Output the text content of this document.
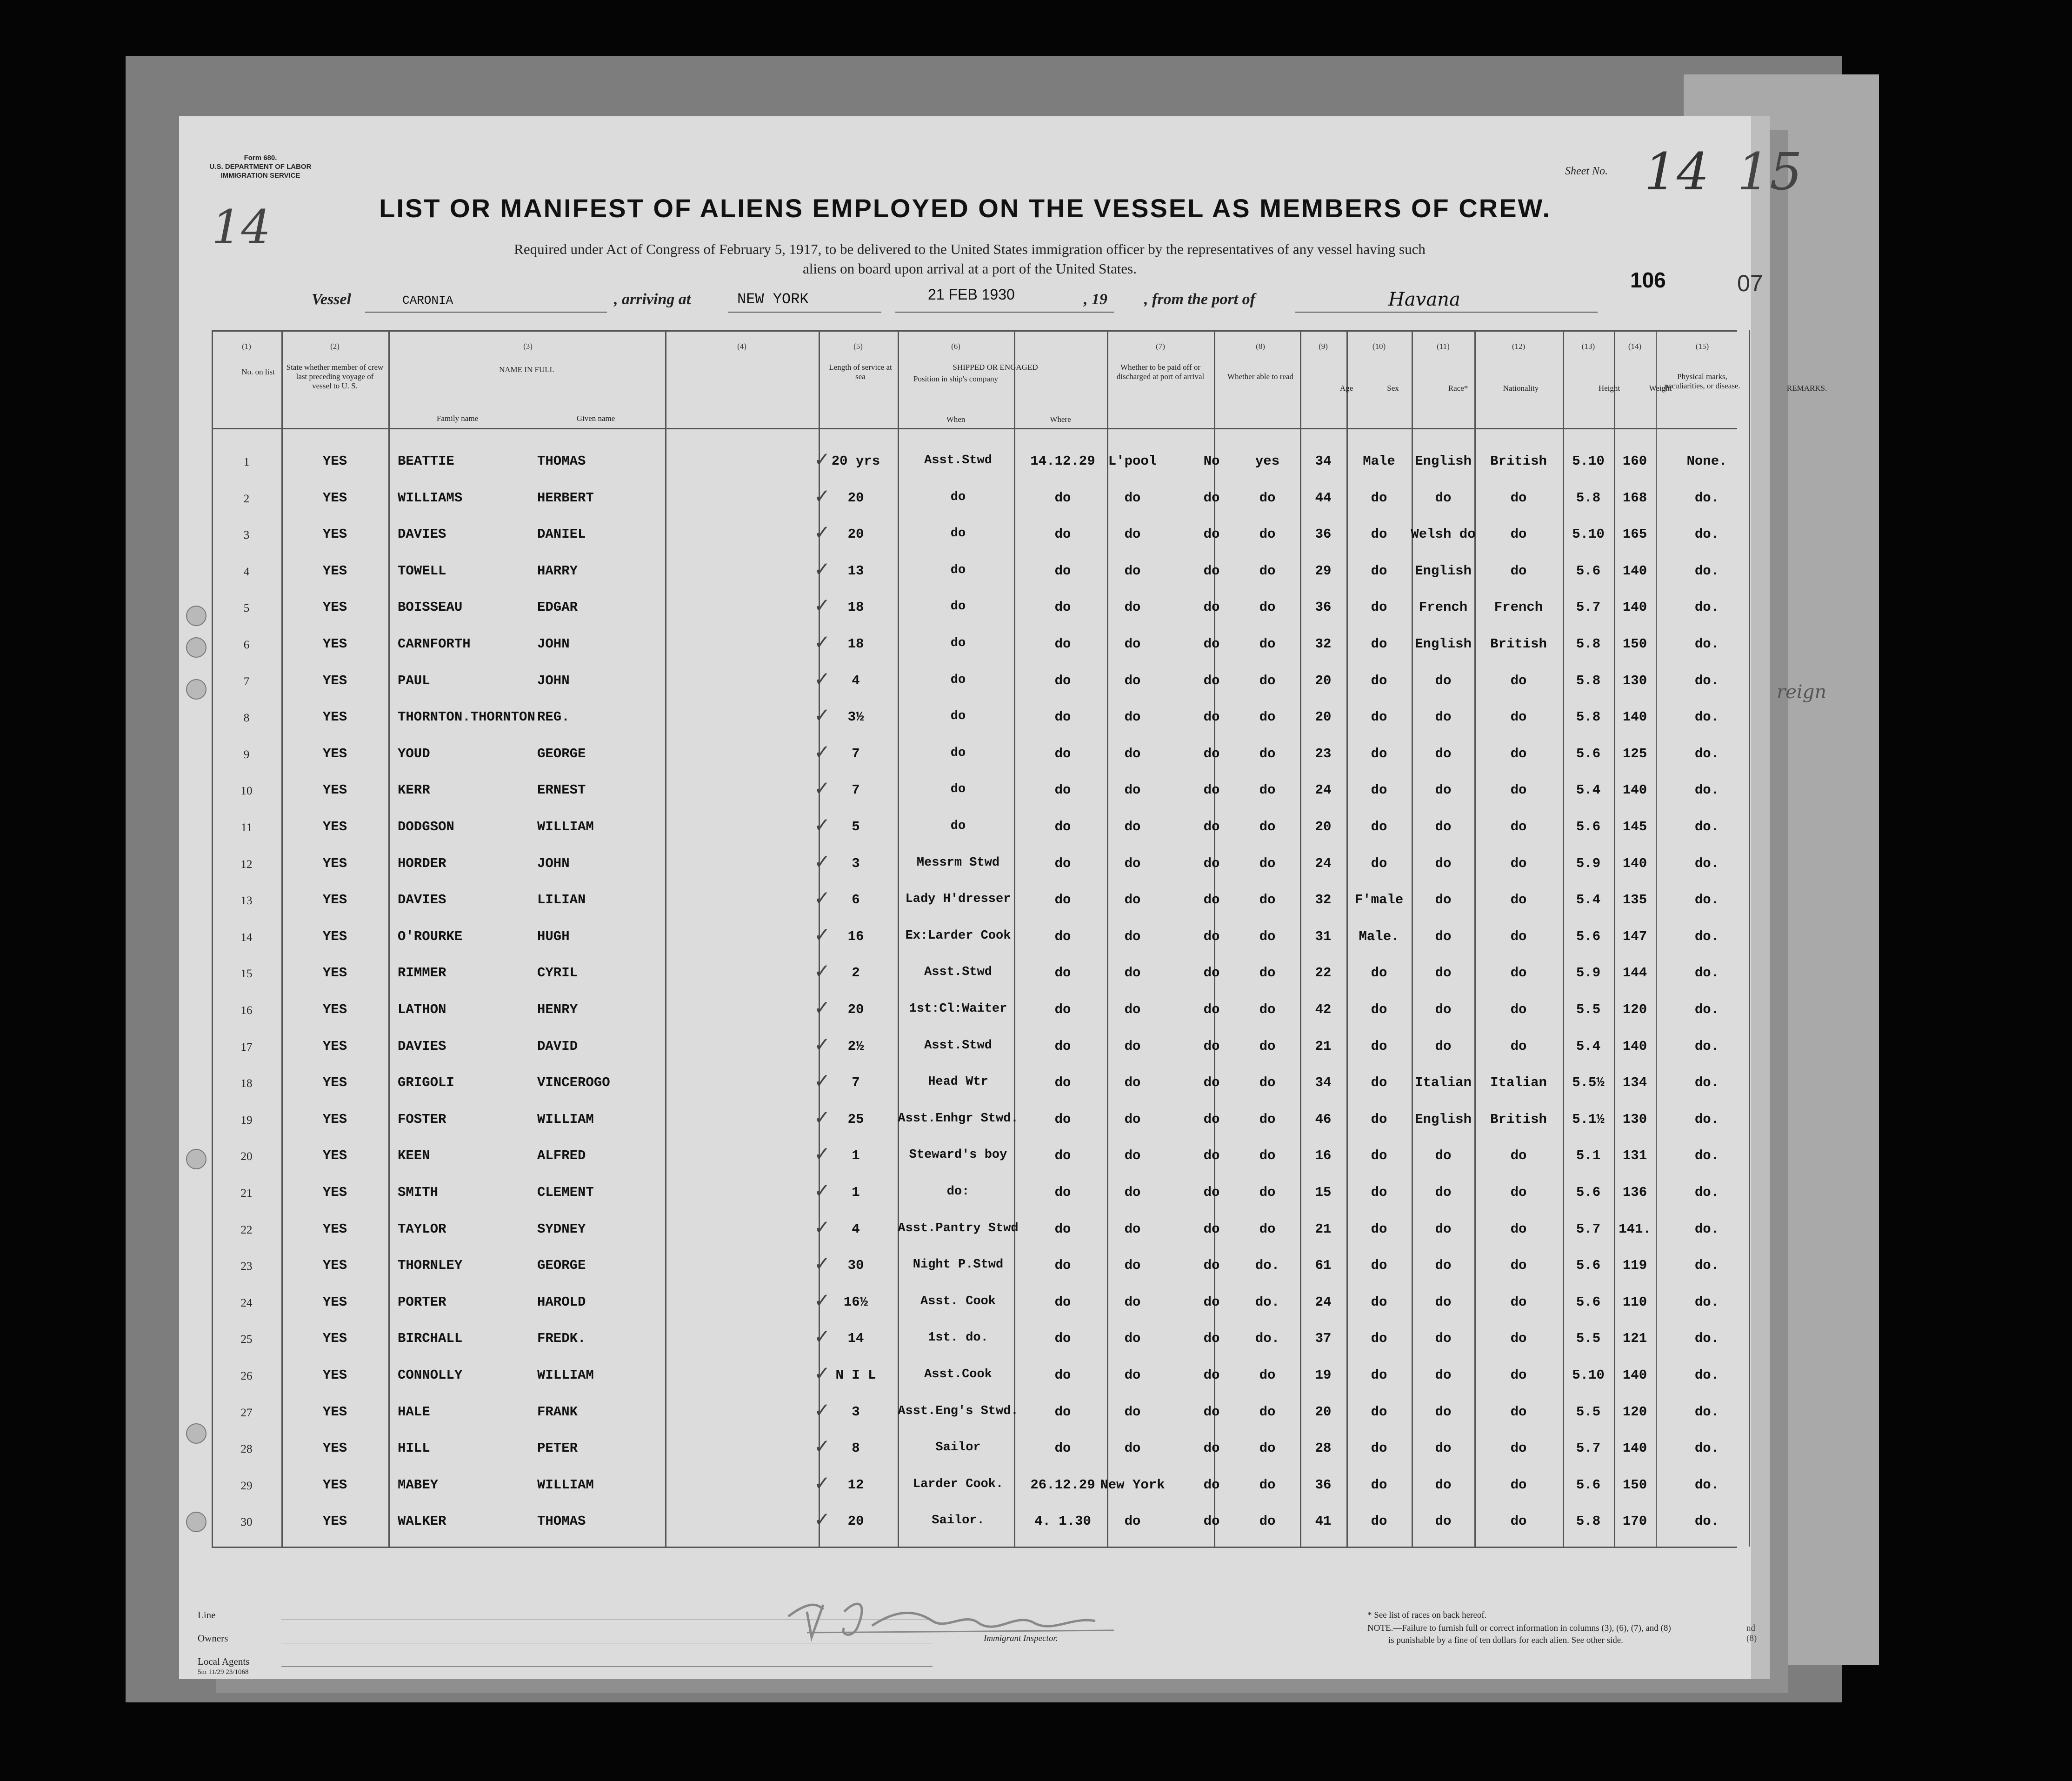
Form 680.
U.S. DEPARTMENT OF LABOR
IMMIGRATION SERVICE
14
Sheet No. 14 15
LIST OR MANIFEST OF ALIENS EMPLOYED ON THE VESSEL AS MEMBERS OF CREW.
Required under Act of Congress of February 5, 1917, to be delivered to the United States immigration officer by the representatives of any vessel having such
aliens on board upon arrival at a port of the United States.	106	07
Vessel	CARONIA	, arriving at	NEW YORK	21 FEB 1930	, 19 , from the port of	Havana
(1)	(2)	(3)	(4)	(5)	(6)	(7)	(8)	(9)	(10)	(11)	(12)	(13)	(14)	(15)
No. on list
State whether member of crew last preceding voyage of vessel to U. S.
NAME IN FULL
Family name	Given name
Length of service at sea	Position in ship's company
SHIPPED OR ENGAGED
When	Where
Whether to be paid off or discharged at port of arrival	Whether able to read
Age	Sex	Race*	Nationality	Height	Weight
Physical marks, peculiarities, or disease.	REMARKS.
1	YES	BEATTIE	THOMAS	20 yrs	Asst.Stwd	14.12.29 L'pool	No	yes	34	Male	English	British	5.10	160	None.
✓
2	YES	WILLIAMS	HERBERT	20	do	do	do	do	do	44	do	do	do	5.8	168	do.
✓
3	YES	DAVIES	DANIEL	20	do	do	do	do	do	36	do	Welsh do	do	5.10	165	do.
✓
4	YES	TOWELL	HARRY	13	do	do	do	do	do	29	do	English	do	5.6	140	do.
✓
5	YES	BOISSEAU	EDGAR	18	do	do	do	do	do	36	do	French	French	5.7	140	do.
✓
6	YES	CARNFORTH	JOHN	18	do	do	do	do	do	32	do	English	British	5.8	150	do.
✓
7	YES	PAUL	JOHN	4	do	do	do	do	do	20	do	do	do	5.8	130	do.
✓
8	YES	THORNTON.THORNTON REG.	3½	do	do	do	do	do	20	do	do	do	5.8	140	do.
✓
9	YES	YOUD	GEORGE	7	do	do	do	do	do	23	do	do	do	5.6	125	do.
✓
10	YES	KERR	ERNEST	7	do	do	do	do	do	24	do	do	do	5.4	140	do.
✓
11	YES	DODGSON	WILLIAM	5	do	do	do	do	do	20	do	do	do	5.6	145	do.
✓
12	YES	HORDER	JOHN	3	Messrm Stwd	do	do	do	do	24	do	do	do	5.9	140	do.
✓
13	YES	DAVIES	LILIAN	6	Lady H'dresser	do	do	do	do	32	F'male	do	do	5.4	135	do.
✓
14	YES	O'ROURKE	HUGH	16	Ex:Larder Cook	do	do	do	do	31	Male.	do	do	5.6	147	do.
✓
15	YES	RIMMER	CYRIL	2	Asst.Stwd	do	do	do	do	22	do	do	do	5.9	144	do.
✓
16	YES	LATHON	HENRY	20	1st:Cl:Waiter	do	do	do	do	42	do	do	do	5.5	120	do.
✓
17	YES	DAVIES	DAVID	2½	Asst.Stwd	do	do	do	do	21	do	do	do	5.4	140	do.
✓
18	YES	GRIGOLI	VINCEROGO	7	Head Wtr	do	do	do	do	34	do	Italian	Italian	5.5½	134	do.
✓
19	YES	FOSTER	WILLIAM	25	Asst.Enhgr Stwd.	do	do	do	do	46	do	English	British	5.1½	130	do.
✓
20	YES	KEEN	ALFRED	1	Steward's boy	do	do	do	do	16	do	do	do	5.1	131	do.
✓
21	YES	SMITH	CLEMENT	1	do:	do	do	do	do	15	do	do	do	5.6	136	do.
✓
22	YES	TAYLOR	SYDNEY	4	Asst.Pantry Stwd	do	do	do	do	21	do	do	do	5.7	141.	do.
✓
23	YES	THORNLEY	GEORGE	30	Night P.Stwd	do	do	do	do.	61	do	do	do	5.6	119	do.
✓
24	YES	PORTER	HAROLD	16½	Asst. Cook	do	do	do	do.	24	do	do	do	5.6	110	do.
✓
25	YES	BIRCHALL	FREDK.	14	1st. do.	do	do	do	do.	37	do	do	do	5.5	121	do.
✓
26	YES	CONNOLLY	WILLIAM	N I L	Asst.Cook	do	do	do	do	19	do	do	do	5.10	140	do.
✓
27	YES	HALE	FRANK	3	Asst.Eng's Stwd.	do	do	do	do	20	do	do	do	5.5	120	do.
✓
28	YES	HILL	PETER	8	Sailor	do	do	do	do	28	do	do	do	5.7	140	do.
✓
29	YES	MABEY	WILLIAM	12	Larder Cook.	26.12.29 New York	do	do	36	do	do	do	5.6	150	do.
✓
30	YES	WALKER	THOMAS	20	Sailor.	4. 1.30	do	do	do	41	do	do	do	5.8	170	do.
✓
Line
Owners
Local Agents
5m 11/29 23/1068
Immigrant Inspector.
* See list of races on back hereof.
NOTE.—Failure to furnish full or correct information in columns (3), (6), (7), and (8)
is punishable by a fine of ten dollars for each alien. See other side.
nd (8)
reign
